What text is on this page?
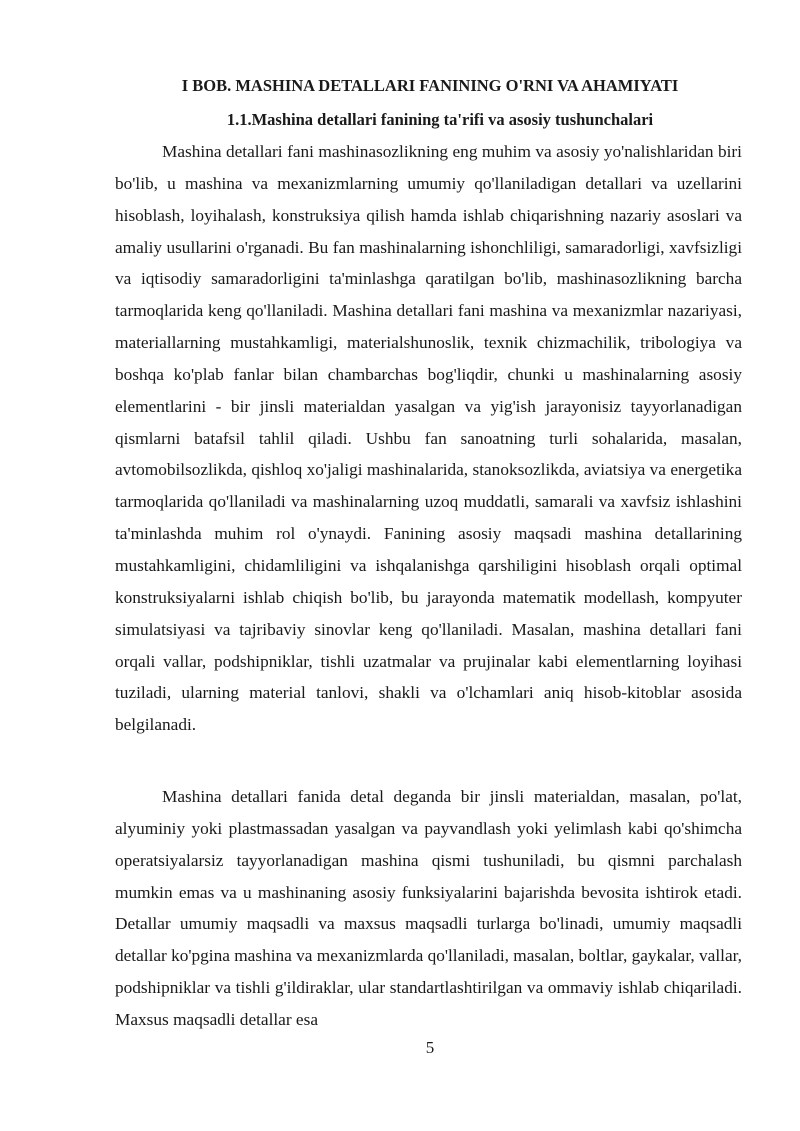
I BOB. MASHINA DETALLARI FANINING O'RNI VA AHAMIYATI
1.1.Mashina detallari fanining ta'rifi va asosiy tushunchalari

Mashina detallari fani mashinasozlikning eng muhim va asosiy yo'nalishlaridan biri bo'lib, u mashina va mexanizmlarning umumiy qo'llaniladigan detallari va uzellarini hisoblash, loyihalash, konstruksiya qilish hamda ishlab chiqarishning nazariy asoslari va amaliy usullarini o'rganadi. Bu fan mashinalarning ishonchliligi, samaradorligi, xavfsizligi va iqtisodiy samaradorligini ta'minlashga qaratilgan bo'lib, mashinasozlikning barcha tarmoqlarida keng qo'llaniladi. Mashina detallari fani mashina va mexanizmlar nazariyasi, materiallarning mustahkamligi, materialshunoslik, texnik chizmachilik, tribologiya va boshqa ko'plab fanlar bilan chambarchas bog'liqdir, chunki u mashinalarning asosiy elementlarini - bir jinsli materialdan yasalgan va yig'ish jarayonisiz tayyorlanadigan qismlarni batafsil tahlil qiladi. Ushbu fan sanoatning turli sohalarida, masalan, avtomobilsozlikda, qishloq xo'jaligi mashinalarida, stanoksozlikda, aviatsiya va energetika tarmoqlarida qo'llaniladi va mashinalarning uzoq muddatli, samarali va xavfsiz ishlashini ta'minlashda muhim rol o'ynaydi. Fanining asosiy maqsadi mashina detallarining mustahkamligini, chidamliligini va ishqalanishga qarshiligini hisoblash orqali optimal konstruksiyalarni ishlab chiqish bo'lib, bu jarayonda matematik modellash, kompyuter simulatsiyasi va tajribaviy sinovlar keng qo'llaniladi. Masalan, mashina detallari fani orqali vallar, podshipniklar, tishli uzatmalar va prujinalar kabi elementlarning loyihasi tuziladi, ularning material tanlovi, shakli va o'lchamlari aniq hisob-kitoblar asosida belgilanadi.

Mashina detallari fanida detal deganda bir jinsli materialdan, masalan, po'lat, alyuminiy yoki plastmassadan yasalgan va payvandlash yoki yelimlash kabi qo'shimcha operatsiyalarsiz tayyorlanadigan mashina qismi tushuniladi, bu qismni parchalash mumkin emas va u mashinaning asosiy funksiyalarini bajarishda bevosita ishtirok etadi. Detallar umumiy maqsadli va maxsus maqsadli turlarga bo'linadi, umumiy maqsadli detallar ko'pgina mashina va mexanizmlarda qo'llaniladi, masalan, boltlar, gaykalar, vallar, podshipniklar va tishli g'ildiraklar, ular standartlashtirilgan va ommaviy ishlab chiqariladi. Maxsus maqsadli detallar esa

5
